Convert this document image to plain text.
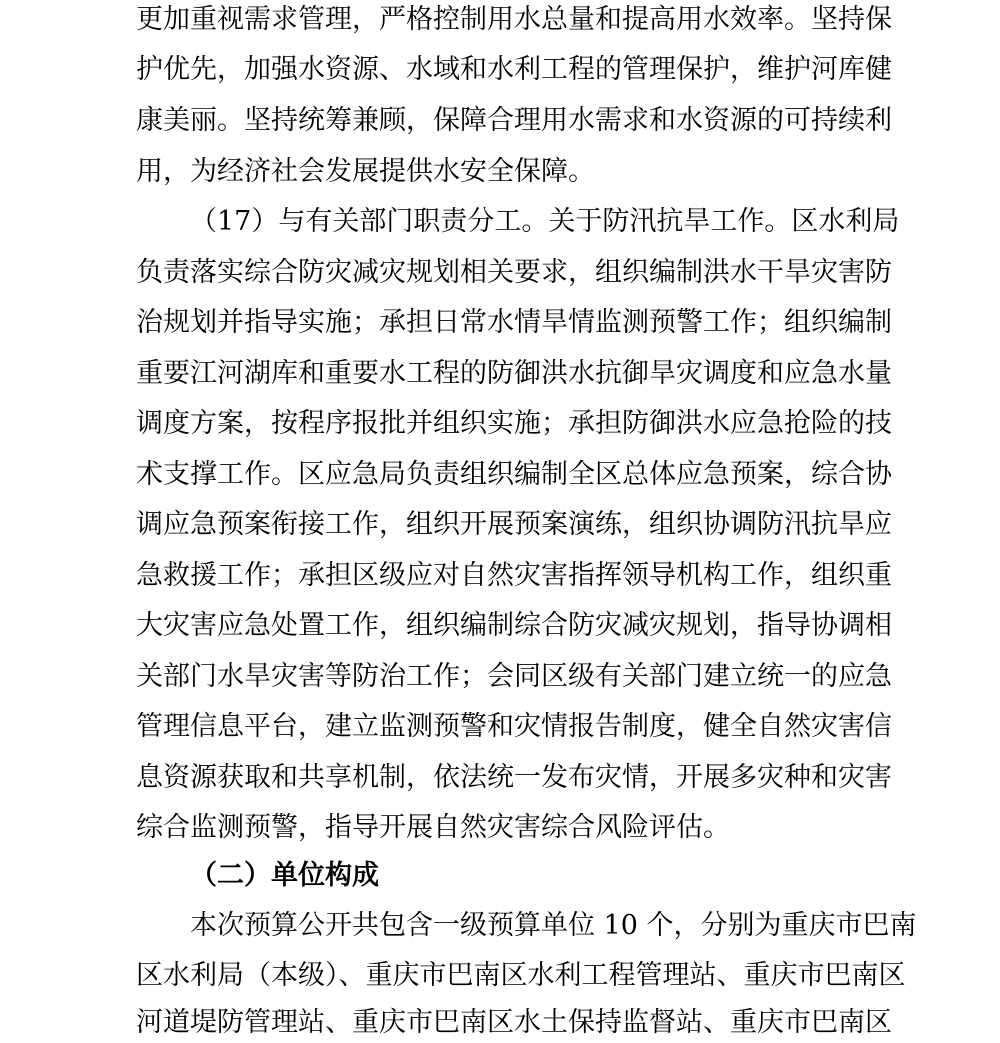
更加重视需求管理，严格控制用水总量和提高用水效率。坚持保
护优先，加强水资源、水域和水利工程的管理保护，维护河库健
康美丽。坚持统筹兼顾，保障合理用水需求和水资源的可持续利
用，为经济社会发展提供水安全保障。
（17）与有关部门职责分工。关于防汛抗旱工作。区水利局
负责落实综合防灾减灾规划相关要求，组织编制洪水干旱灾害防
治规划并指导实施；承担日常水情旱情监测预警工作；组织编制
重要江河湖库和重要水工程的防御洪水抗御旱灾调度和应急水量
调度方案，按程序报批并组织实施；承担防御洪水应急抢险的技
术支撑工作。区应急局负责组织编制全区总体应急预案，综合协
调应急预案衔接工作，组织开展预案演练，组织协调防汛抗旱应
急救援工作；承担区级应对自然灾害指挥领导机构工作，组织重
大灾害应急处置工作，组织编制综合防灾减灾规划，指导协调相
关部门水旱灾害等防治工作；会同区级有关部门建立统一的应急
管理信息平台，建立监测预警和灾情报告制度，健全自然灾害信
息资源获取和共享机制，依法统一发布灾情，开展多灾种和灾害
综合监测预警，指导开展自然灾害综合风险评估。
（二）单位构成
本次预算公开共包含一级预算单位 10 个，分别为重庆市巴南
区水利局（本级）、重庆市巴南区水利工程管理站、重庆市巴南区
河道堤防管理站、重庆市巴南区水土保持监督站、重庆市巴南区
